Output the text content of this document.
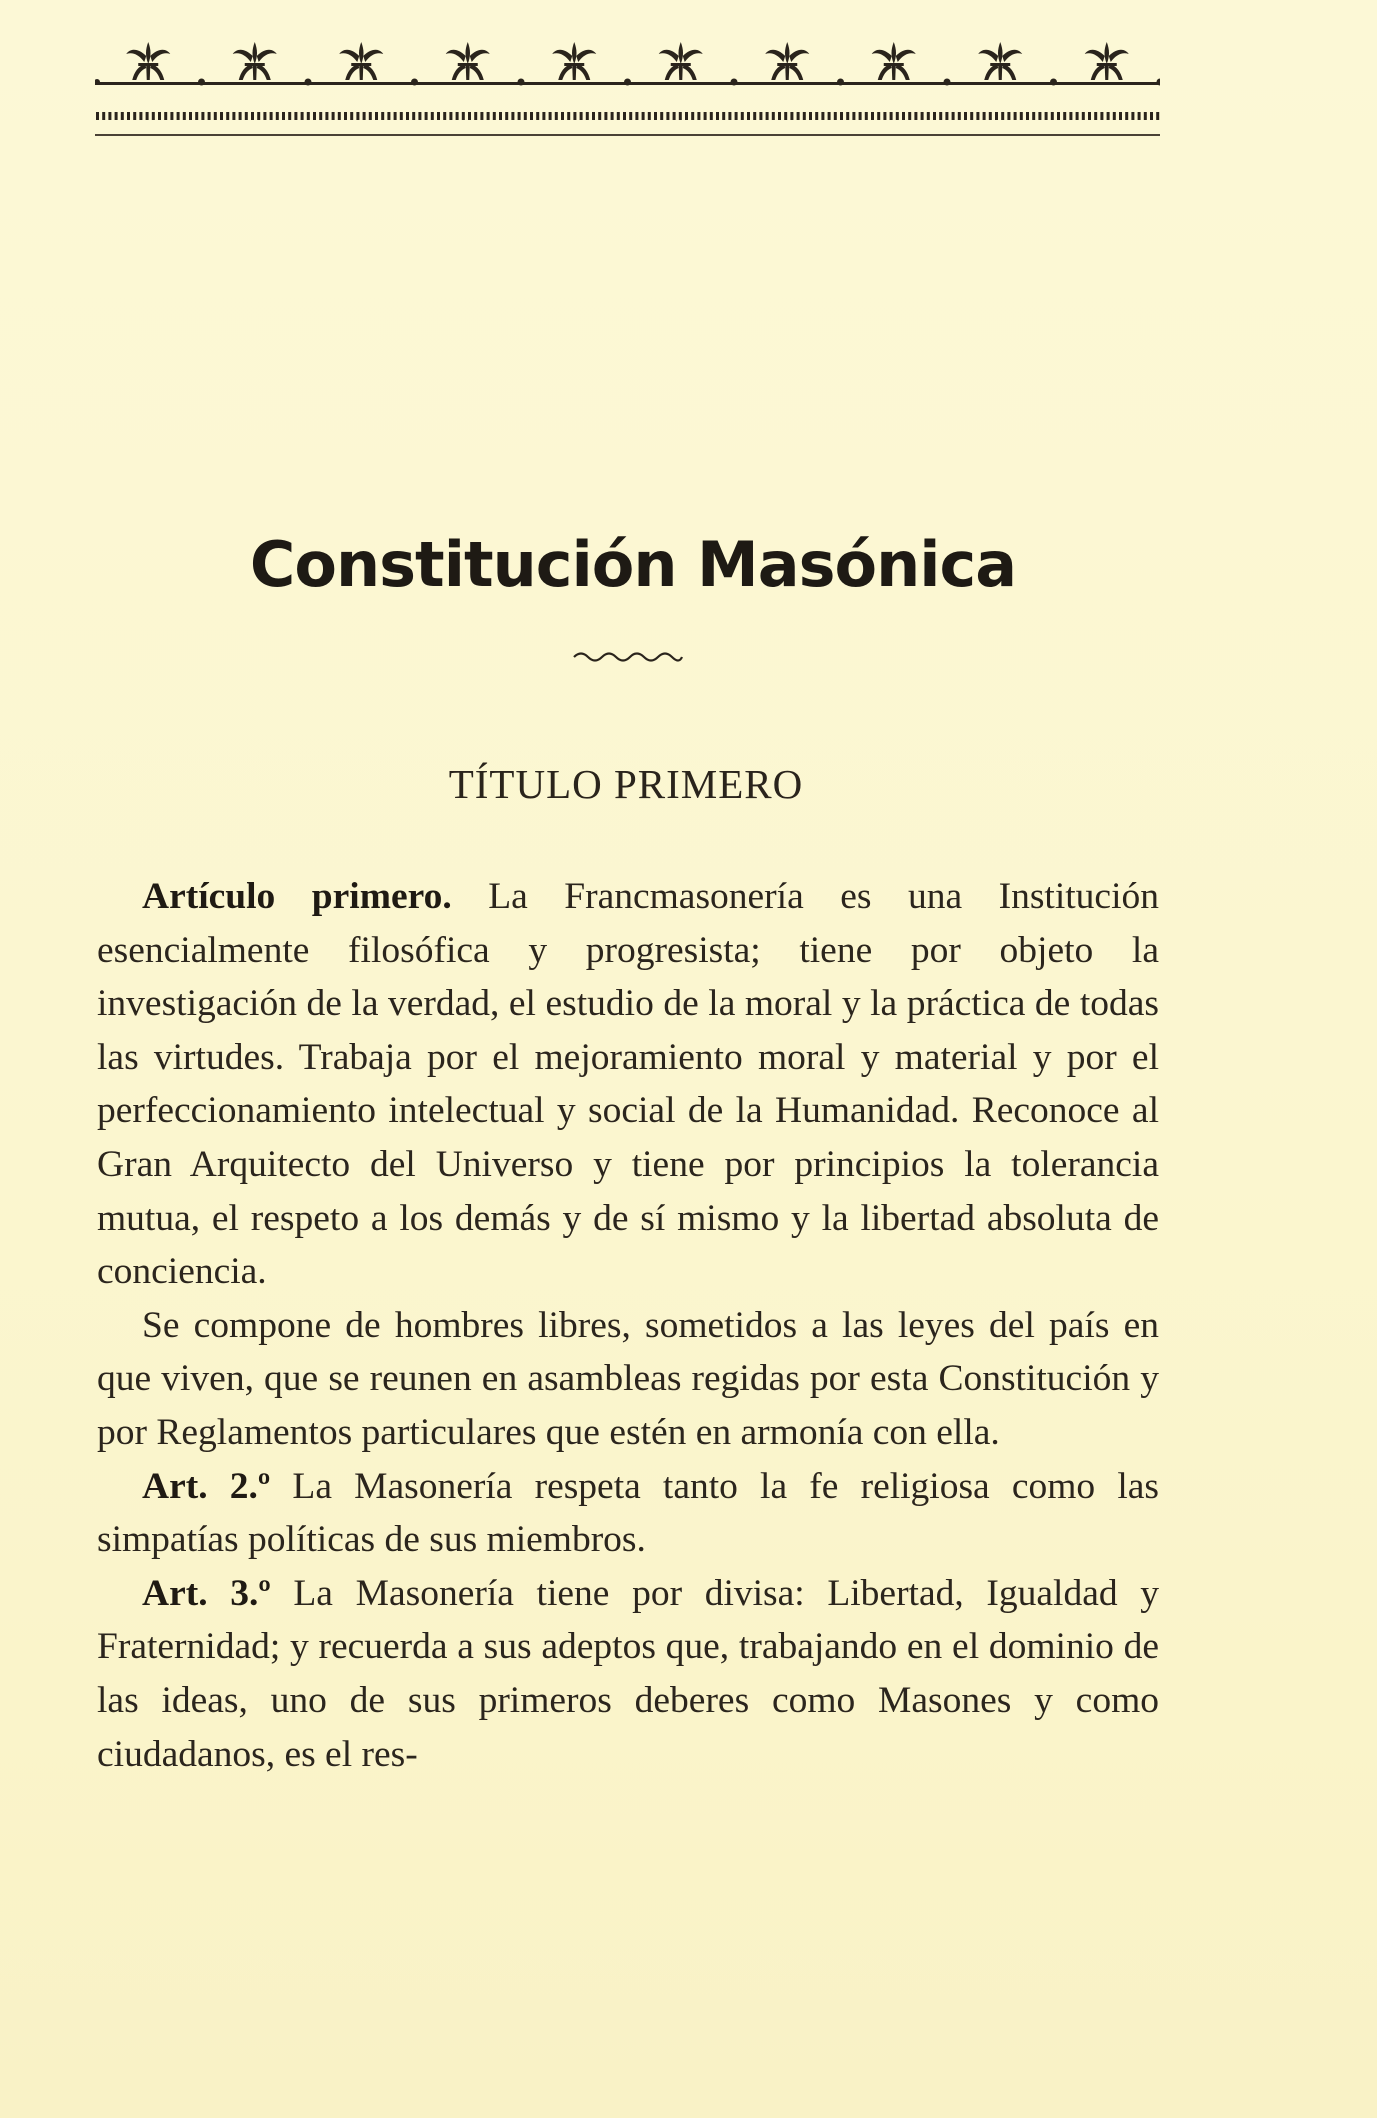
Constitución Masónica
TÍTULO PRIMERO

Artículo primero. La Francmasonería es una Institución esencialmente filosófica y progresista; tiene por objeto la investigación de la verdad, el estudio de la moral y la práctica de todas las virtudes. Trabaja por el mejoramiento moral y material y por el perfeccionamiento intelectual y social de la Humanidad. Reconoce al Gran Arquitecto del Universo y tiene por principios la tolerancia mutua, el respeto a los demás y de sí mismo y la libertad absoluta de conciencia.

Se compone de hombres libres, sometidos a las leyes del país en que viven, que se reunen en asambleas regidas por esta Constitución y por Reglamentos particulares que estén en armonía con ella.

Art. 2.º La Masonería respeta tanto la fe religiosa como las simpatías políticas de sus miembros.

Art. 3.º La Masonería tiene por divisa: Libertad, Igualdad y Fraternidad; y recuerda a sus adeptos que, trabajando en el dominio de las ideas, uno de sus primeros deberes como Masones y como ciudadanos, es el res-
